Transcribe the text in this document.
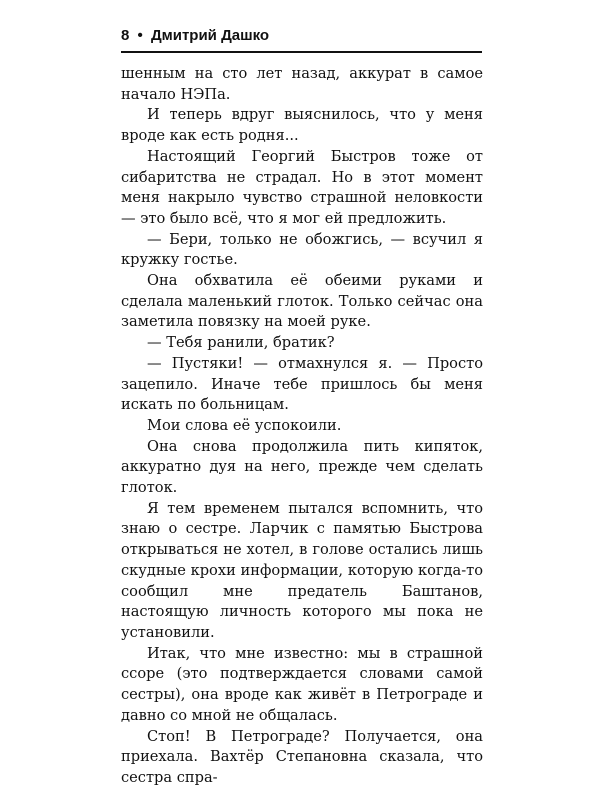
8 • Дмитрий Дашко

шенным на сто лет назад, аккурат в самое начало НЭПа.

И теперь вдруг выяснилось, что у меня вроде как есть родня...

Настоящий Георгий Быстров тоже от сибаритства не страдал. Но в этот момент меня накрыло чувство страшной неловкости — это было всё, что я мог ей предложить.

— Бери, только не обожгись, — всучил я кружку гостье.

Она обхватила её обеими руками и сделала маленький глоток. Только сейчас она заметила повязку на моей руке.

— Тебя ранили, братик?

— Пустяки! — отмахнулся я. — Просто зацепило. Иначе тебе пришлось бы меня искать по больницам.

Мои слова её успокоили.

Она снова продолжила пить кипяток, аккуратно дуя на него, прежде чем сделать глоток.

Я тем временем пытался вспомнить, что знаю о сестре. Ларчик с памятью Быстрова открываться не хотел, в голове остались лишь скудные крохи информации, которую когда-то сообщил мне предатель Баштанов, настоящую личность которого мы пока не установили.

Итак, что мне известно: мы в страшной ссоре (это подтверждается словами самой сестры), она вроде как живёт в Петрограде и давно со мной не общалась.

Стоп! В Петрограде? Получается, она приехала. Вахтёр Степановна сказала, что сестра спра-
